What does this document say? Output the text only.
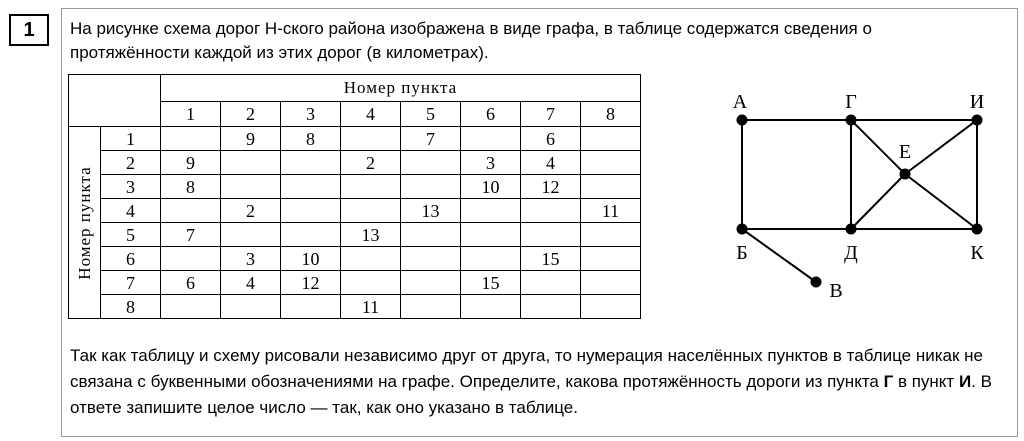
1	На рисунке схема дорог Н-ского района изображена в виде графа, в таблице содержатся сведения о протяжённости каждой из этих дорог (в километрах).
		Номер пункта							
		1	2	3	4	5	6	7	8

Номер пункта	1		9	8		7		6	
	2	9			2		3	4	
	3	8					10	12	
	4		2			13			11
	5	7			13				
	6		3	10				15	
	7	6	4	12			15		
	8				11				
А	Г	И
Е
Б	Д	К
В
Так как таблицу и схему рисовали независимо друг от друга, то нумерация населённых пунктов в таблице никак не связана с буквенными обозначениями на графе. Определите, какова протяжённость дороги из пункта Г в пункт И. В ответе запишите целое число — так, как оно указано в таблице.
